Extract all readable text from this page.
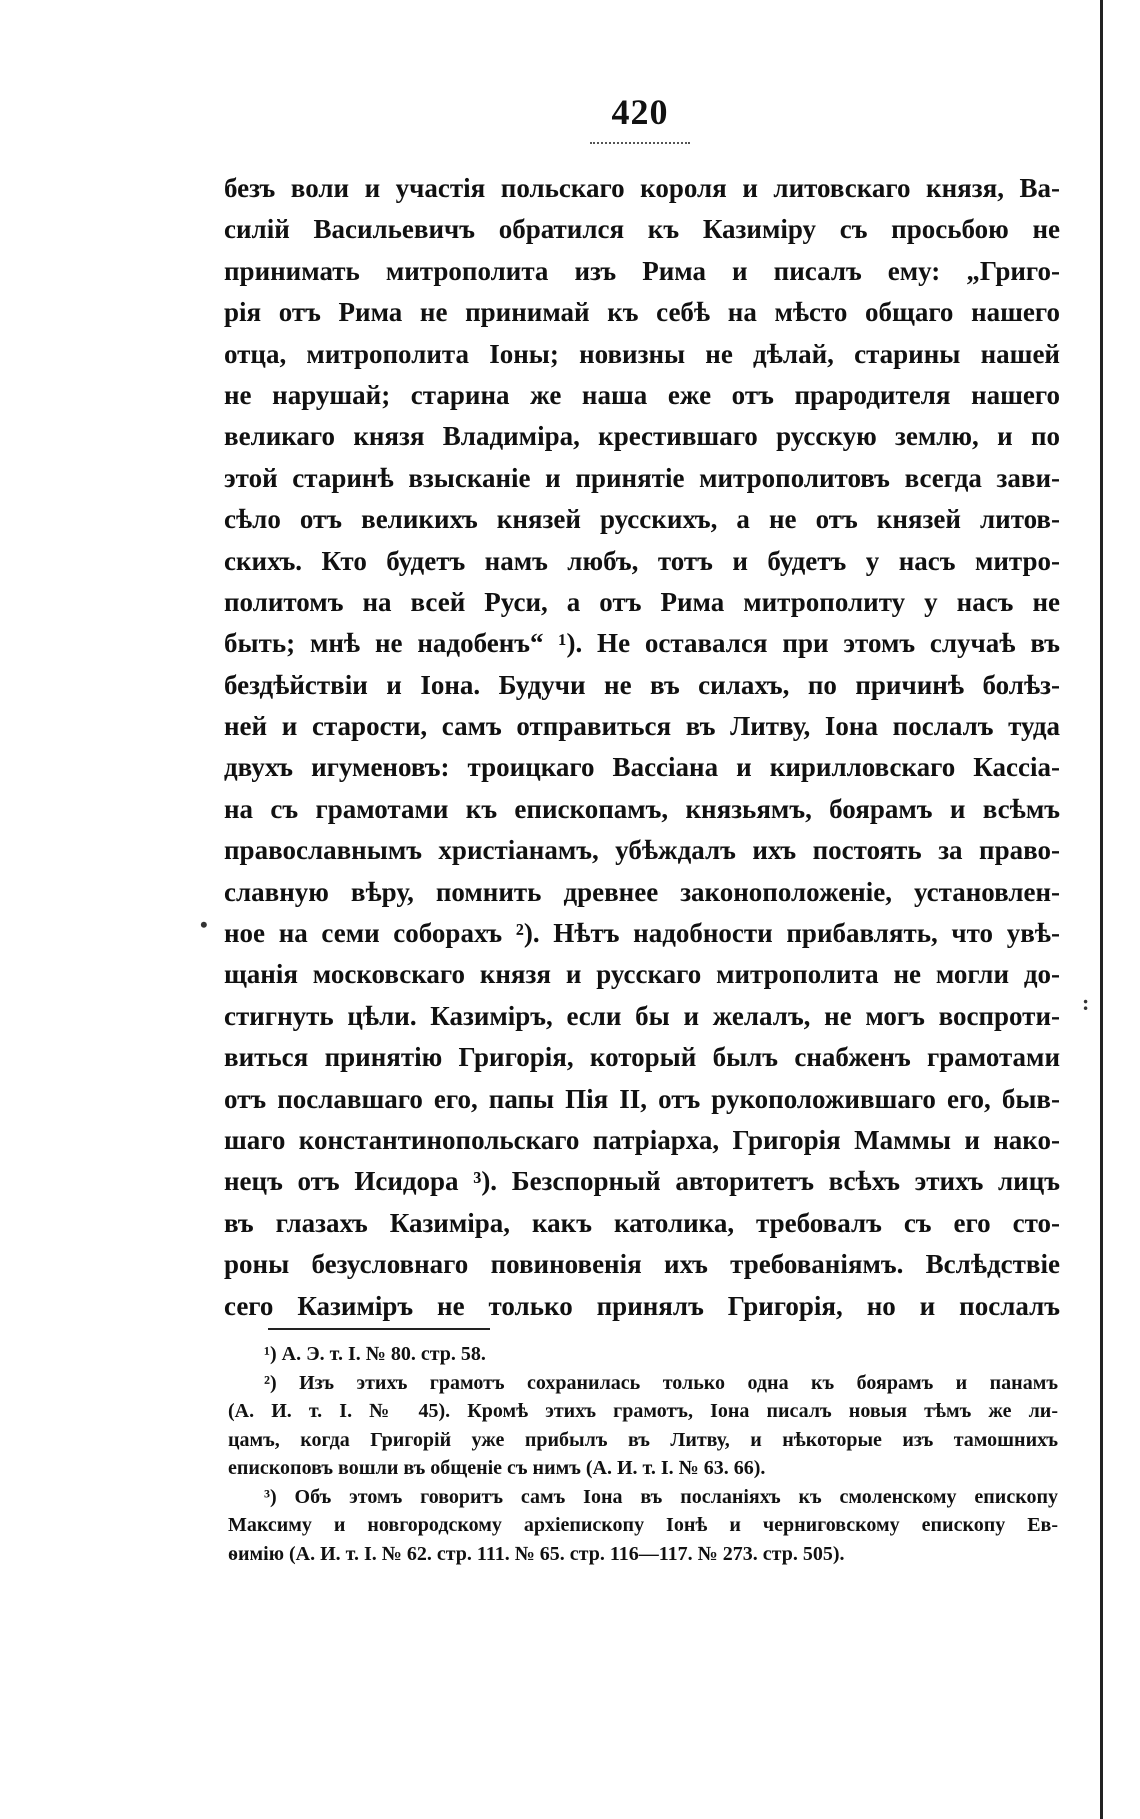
420
безъ воли и участія польскаго короля и литовскаго князя, Ва-
силій Васильевичъ обратился къ Казиміру съ просьбою не
принимать митрополита изъ Рима и писалъ ему: „Григо-
рія отъ Рима не принимай къ себѣ на мѣсто общаго нашего
отца, митрополита Іоны; новизны не дѣлай, старины нашей
не нарушай; старина же наша еже отъ прародителя нашего
великаго князя Владиміра, крестившаго русскую землю, и по
этой старинѣ взысканіе и принятіе митрополитовъ всегда зави-
сѣло отъ великихъ князей русскихъ, а не отъ князей литов-
скихъ. Кто будетъ намъ любъ, тотъ и будетъ у насъ митро-
политомъ на всей Руси, а отъ Рима митрополиту у насъ не
быть; мнѣ не надобенъ“ ¹). Не оставался при этомъ случаѣ въ
бездѣйствіи и Іона. Будучи не въ силахъ, по причинѣ болѣз-
ней и старости, самъ отправиться въ Литву, Іона послалъ туда
двухъ игуменовъ: троицкаго Вассіана и кирилловскаго Кассіа-
на съ грамотами къ епископамъ, князьямъ, боярамъ и всѣмъ
православнымъ христіанамъ, убѣждалъ ихъ постоять за право-
славную вѣру, помнить древнее законоположеніе, установлен-
ное на семи соборахъ ²). Нѣтъ надобности прибавлять, что увѣ-
щанія московскаго князя и русскаго митрополита не могли до-
стигнуть цѣли. Казиміръ, если бы и желалъ, не могъ воспроти-
виться принятію Григорія, который былъ снабженъ грамотами
отъ пославшаго его, папы Пія II, отъ рукоположившаго его, быв-
шаго константинопольскаго патріарха, Григорія Маммы и нако-
нецъ отъ Исидора ³). Безспорный авторитетъ всѣхъ этихъ лицъ
въ глазахъ Казиміра, какъ католика, требовалъ съ его сто-
роны безусловнаго повиновенія ихъ требованіямъ. Вслѣдствіе
сего Казиміръ не только принялъ Григорія, но и послалъ
¹) А. Э. т. I. № 80. стр. 58.
²) Изъ этихъ грамотъ сохранилась только одна къ боярамъ и панамъ
(А. И. т. I. № 45). Кромѣ этихъ грамотъ, Іона писалъ новыя тѣмъ же ли-
цамъ, когда Григорій уже прибылъ въ Литву, и нѣкоторые изъ тамошнихъ
епископовъ вошли въ общеніе съ нимъ (А. И. т. I. № 63. 66).
³) Объ этомъ говоритъ самъ Іона въ посланіяхъ къ смоленскому епископу
Максиму и новгородскому архіепископу Іонѣ и черниговскому епископу Ев-
ѳимію (А. И. т. I. № 62. стр. 111. № 65. стр. 116—117. № 273. стр. 505).
•
:
